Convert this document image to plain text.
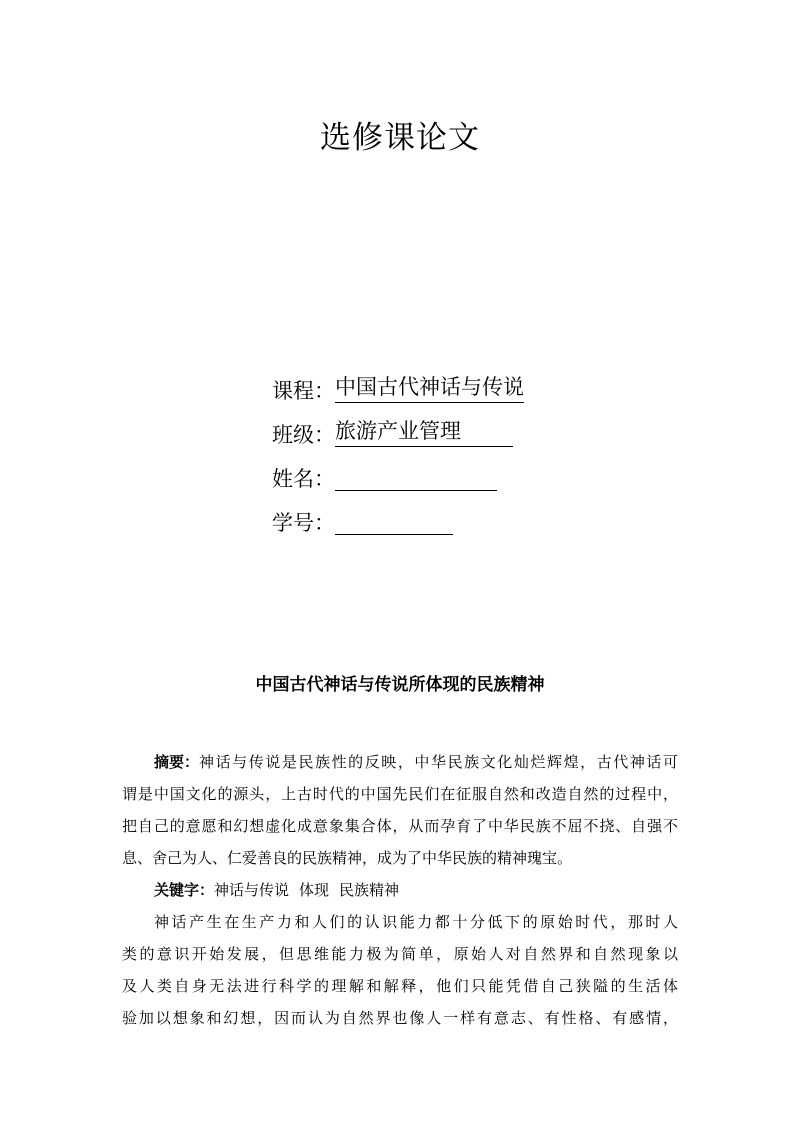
选修课论文
课程：中国古代神话与传说
班级：旅游产业管理
姓名：
学号：
中国古代神话与传说所体现的民族精神
摘要： 神话与传说是民族性的反映，中华民族文化灿烂辉煌，古代神话可
谓是中国文化的源头，上古时代的中国先民们在征服自然和改造自然的过程中，
把自己的意愿和幻想虚化成意象集合体，从而孕育了中华民族不屈不挠、自强不
息、舍己为人、仁爱善良的民族精神，成为了中华民族的精神瑰宝。
关键字：神话与传说 体现 民族精神
神话产生在生产力和人们的认识能力都十分低下的原始时代，那时人
类的意识开始发展，但思维能力极为简单，原始人对自然界和自然现象以
及人类自身无法进行科学的理解和解释，他们只能凭借自己狭隘的生活体
验加以想象和幻想，因而认为自然界也像人一样有意志、有性格、有感情，
